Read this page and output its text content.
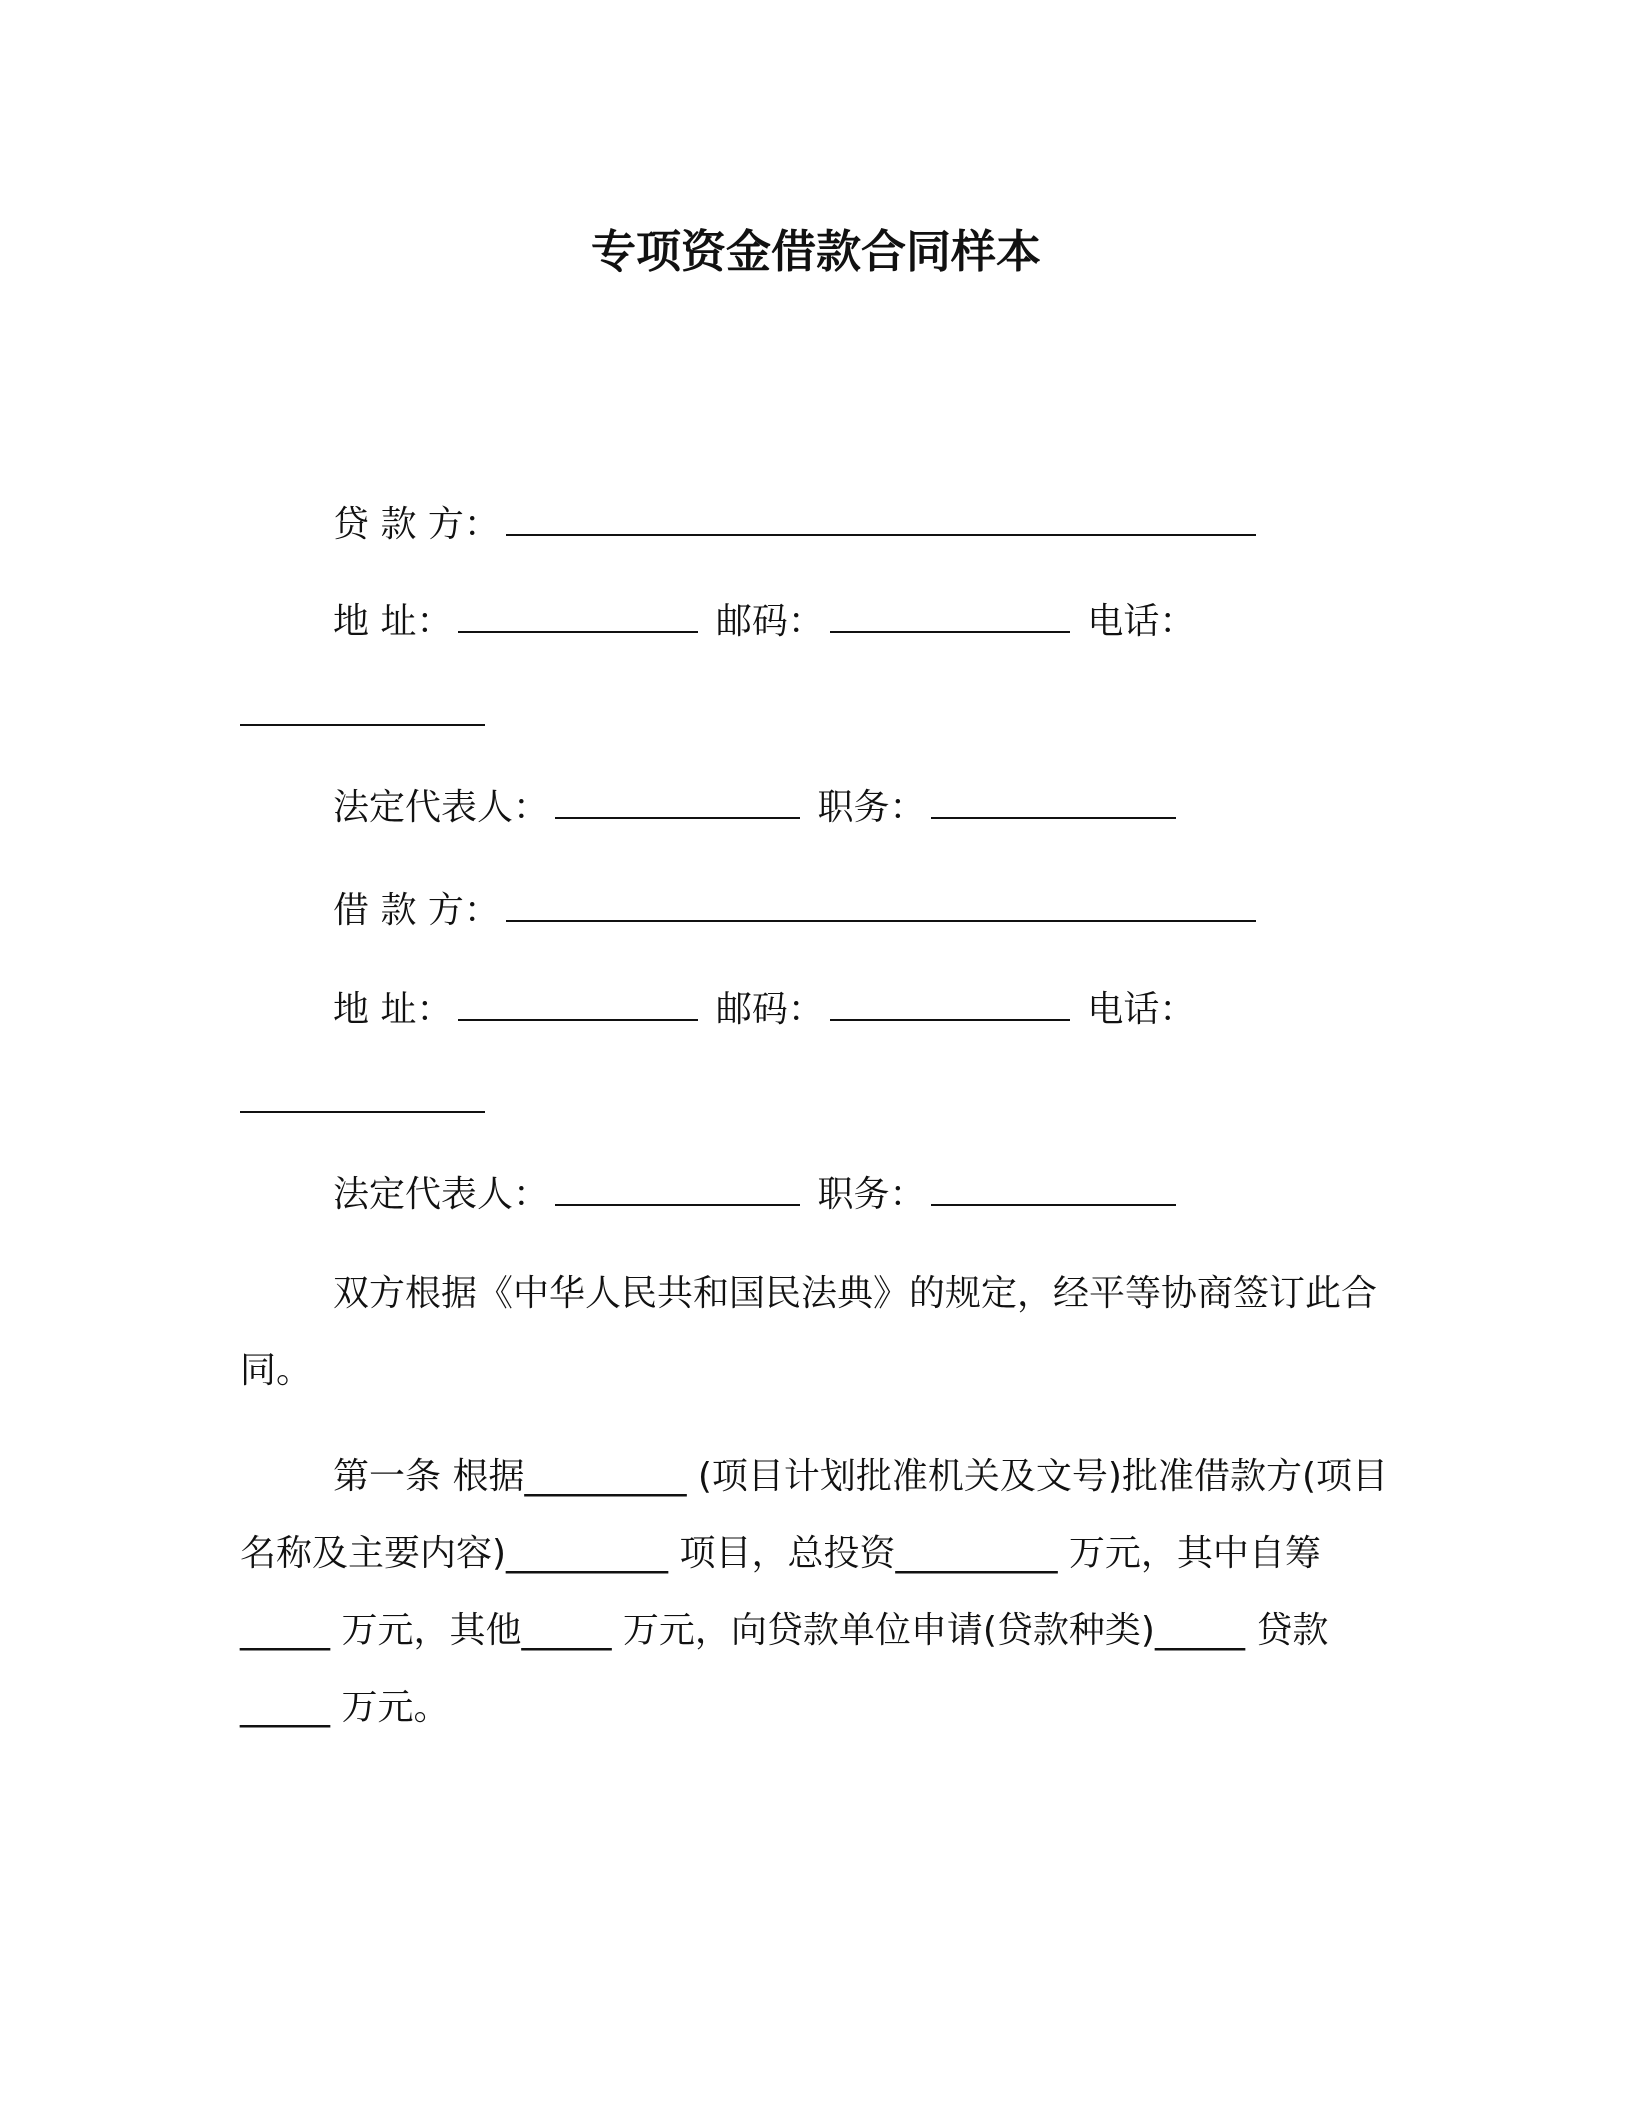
专项资金借款合同样本
贷 款 方：
地 址：	邮码：	电话：
法定代表人：	职务：
借 款 方：
地 址：	邮码：	电话：
法定代表人：	职务：
双方根据《中华人民共和国民法典》的规定，经平等协商签订此合同。
第一条 根据_________ (项目计划批准机关及文号)批准借款方(项目名称及主要内容)_________ 项目，总投资_________ 万元，其中自筹_____ 万元，其他_____ 万元，向贷款单位申请(贷款种类)_____ 贷款_____ 万元。
